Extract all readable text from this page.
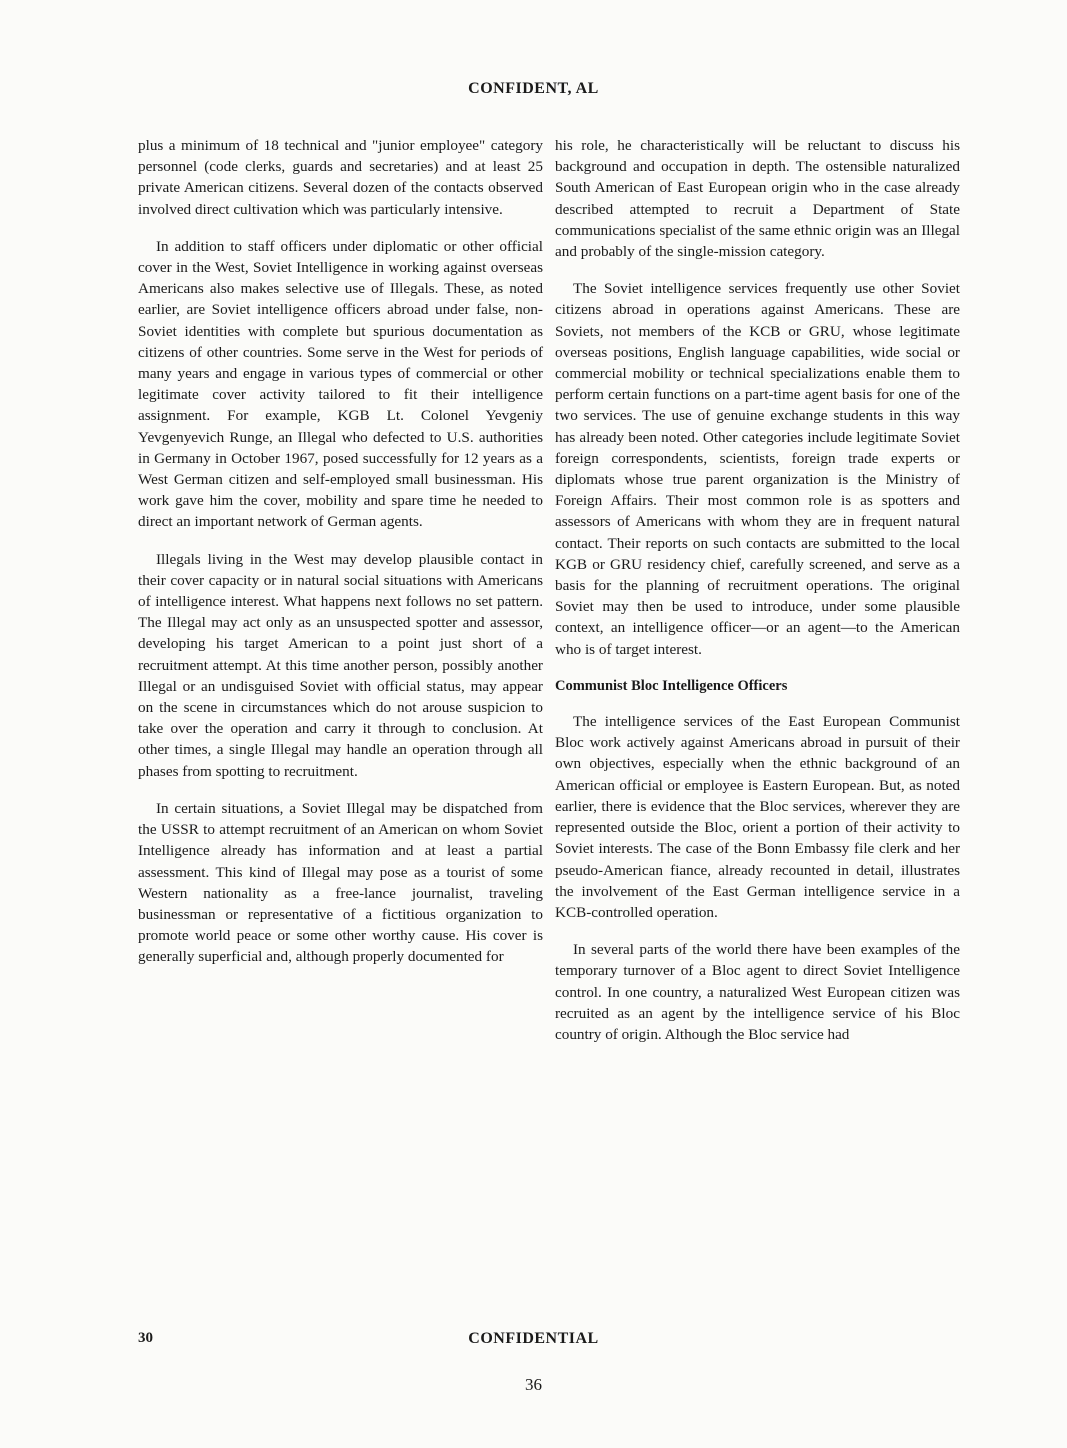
CONFIDENT, AL

plus a minimum of 18 technical and "junior employee" category personnel (code clerks, guards and secretaries) and at least 25 private American citizens. Several dozen of the contacts observed involved direct cultivation which was particularly intensive.

In addition to staff officers under diplomatic or other official cover in the West, Soviet Intelligence in working against overseas Americans also makes selective use of Illegals. These, as noted earlier, are Soviet intelligence officers abroad under false, non-Soviet identities with complete but spurious documentation as citizens of other countries. Some serve in the West for periods of many years and engage in various types of commercial or other legitimate cover activity tailored to fit their intelligence assignment. For example, KGB Lt. Colonel Yevgeniy Yevgenyevich Runge, an Illegal who defected to U.S. authorities in Germany in October 1967, posed successfully for 12 years as a West German citizen and self-employed small businessman. His work gave him the cover, mobility and spare time he needed to direct an important network of German agents.

Illegals living in the West may develop plausible contact in their cover capacity or in natural social situations with Americans of intelligence interest. What happens next follows no set pattern. The Illegal may act only as an unsuspected spotter and assessor, developing his target American to a point just short of a recruitment attempt. At this time another person, possibly another Illegal or an undisguised Soviet with official status, may appear on the scene in circumstances which do not arouse suspicion to take over the operation and carry it through to conclusion. At other times, a single Illegal may handle an operation through all phases from spotting to recruitment.

In certain situations, a Soviet Illegal may be dispatched from the USSR to attempt recruitment of an American on whom Soviet Intelligence already has information and at least a partial assessment. This kind of Illegal may pose as a tourist of some Western nationality as a free-lance journalist, traveling businessman or representative of a fictitious organization to promote world peace or some other worthy cause. His cover is generally superficial and, although properly documented for

his role, he characteristically will be reluctant to discuss his background and occupation in depth. The ostensible naturalized South American of East European origin who in the case already described attempted to recruit a Department of State communications specialist of the same ethnic origin was an Illegal and probably of the single-mission category.

The Soviet intelligence services frequently use other Soviet citizens abroad in operations against Americans. These are Soviets, not members of the KCB or GRU, whose legitimate overseas positions, English language capabilities, wide social or commercial mobility or technical specializations enable them to perform certain functions on a part-time agent basis for one of the two services. The use of genuine exchange students in this way has already been noted. Other categories include legitimate Soviet foreign correspondents, scientists, foreign trade experts or diplomats whose true parent organization is the Ministry of Foreign Affairs. Their most common role is as spotters and assessors of Americans with whom they are in frequent natural contact. Their reports on such contacts are submitted to the local KGB or GRU residency chief, carefully screened, and serve as a basis for the planning of recruitment operations. The original Soviet may then be used to introduce, under some plausible context, an intelligence officer—or an agent—to the American who is of target interest.

Communist Bloc Intelligence Officers

The intelligence services of the East European Communist Bloc work actively against Americans abroad in pursuit of their own objectives, especially when the ethnic background of an American official or employee is Eastern European. But, as noted earlier, there is evidence that the Bloc services, wherever they are represented outside the Bloc, orient a portion of their activity to Soviet interests. The case of the Bonn Embassy file clerk and her pseudo-American fiance, already recounted in detail, illustrates the involvement of the East German intelligence service in a KCB-controlled operation.

In several parts of the world there have been examples of the temporary turnover of a Bloc agent to direct Soviet Intelligence control. In one country, a naturalized West European citizen was recruited as an agent by the intelligence service of his Bloc country of origin. Although the Bloc service had

30	CONFIDENTIAL
36
